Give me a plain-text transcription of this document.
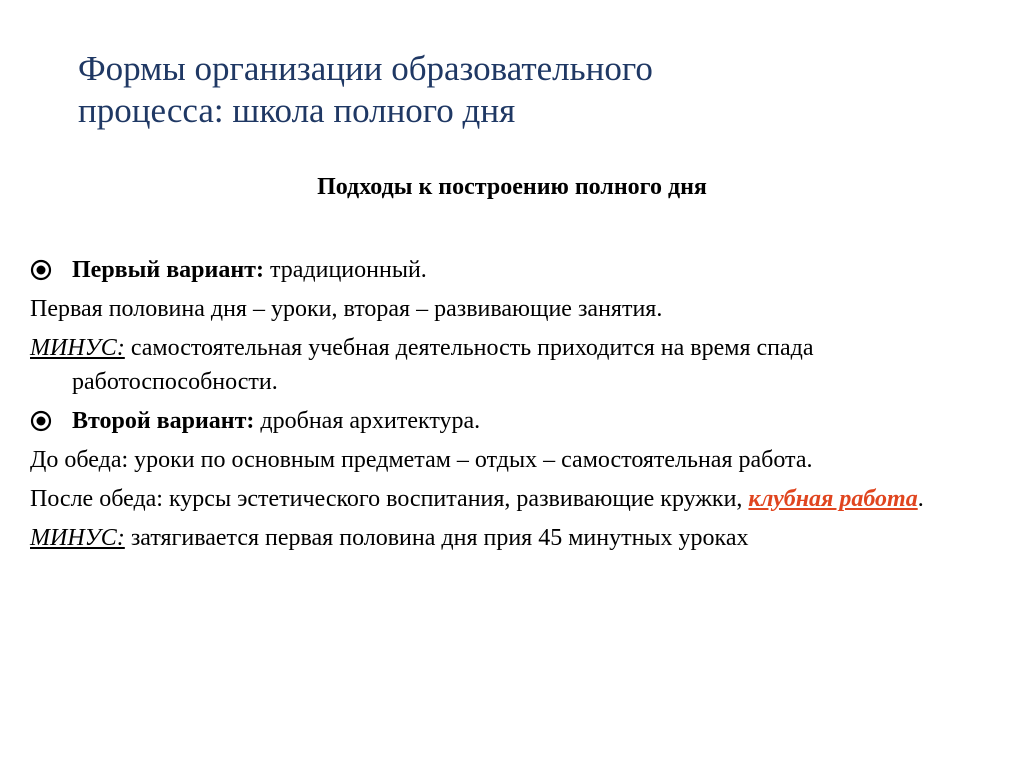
Формы организации образовательного
процесса: школа полного дня
Подходы к построению полного дня

Первый вариант: традиционный.

Первая половина дня – уроки, вторая – развивающие занятия.

МИНУС: самостоятельная учебная деятельность приходится на время спада работоспособности.

Второй вариант: дробная архитектура.

До обеда: уроки по основным предметам – отдых – самостоятельная работа.

После обеда: курсы эстетического воспитания, развивающие кружки, клубная работа.

МИНУС: затягивается первая половина дня прия 45 минутных уроках
